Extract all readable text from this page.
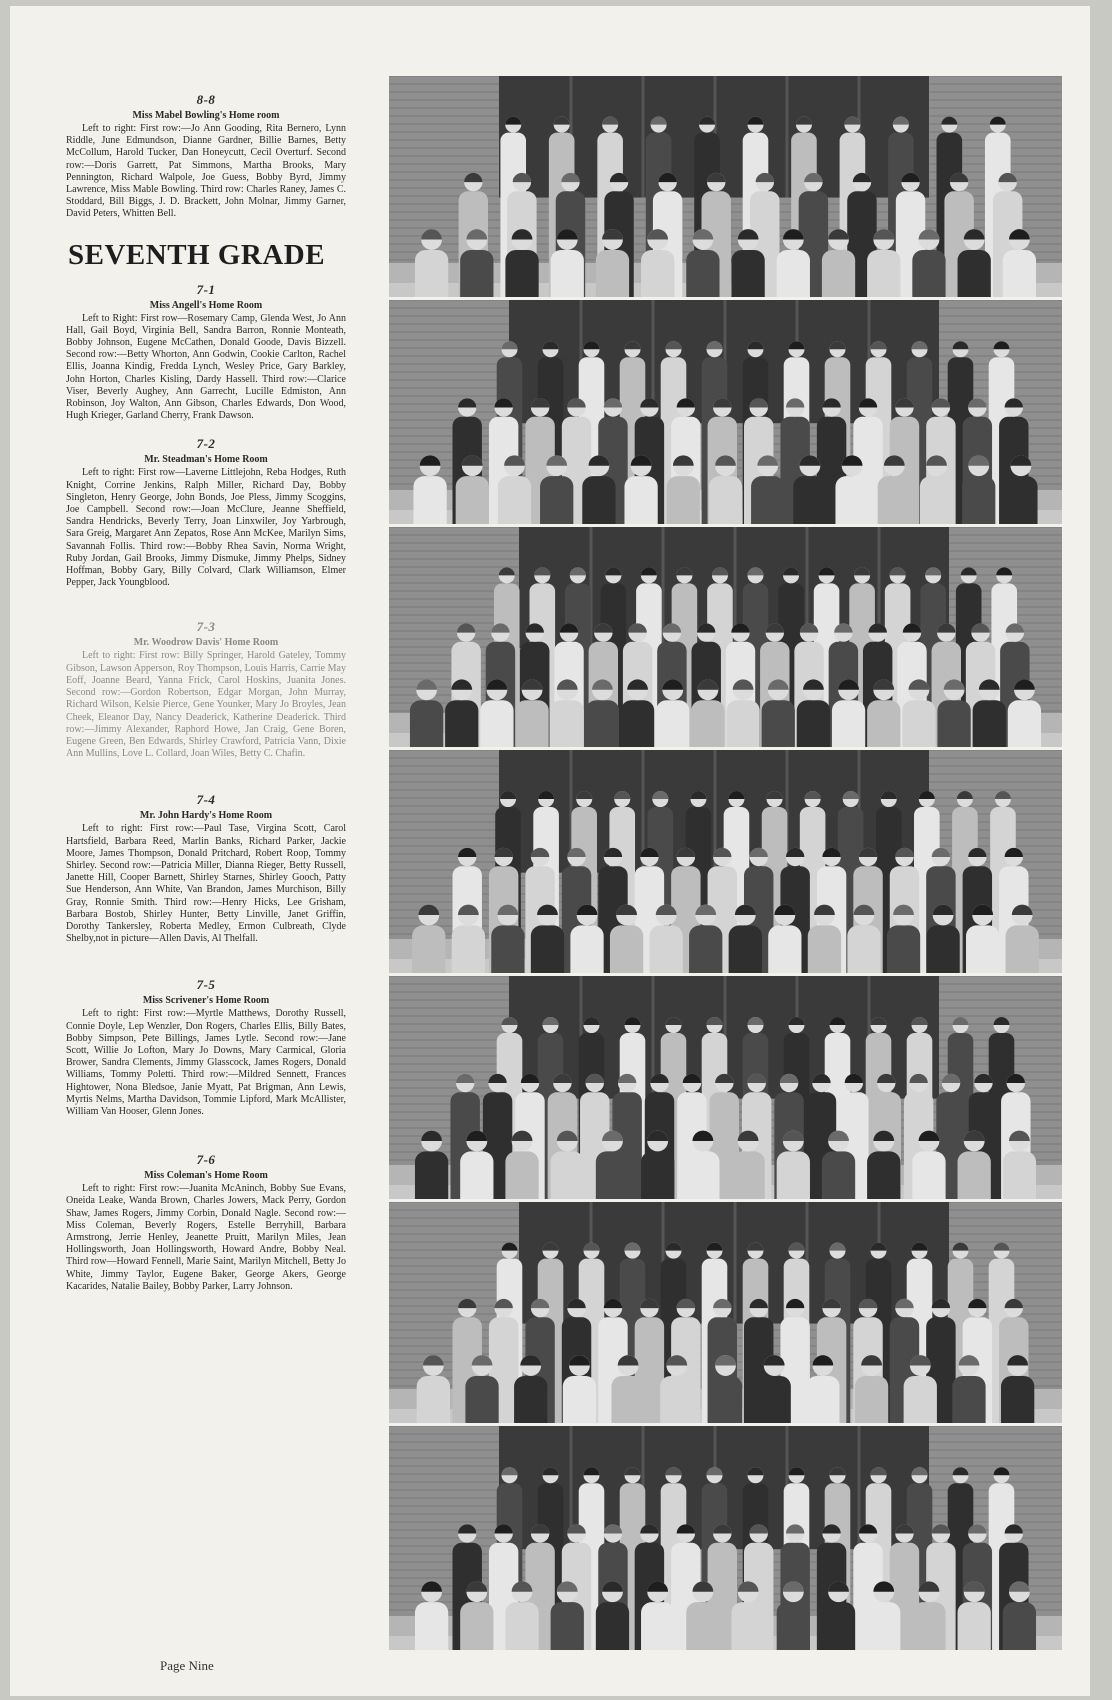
8-8
Miss Mabel Bowling's Home room

Left to right: First row:—Jo Ann Gooding, Rita Bernero, Lynn Riddle, June Edmundson, Dianne Gardner, Billie Barnes, Betty McCollum, Harold Tucker, Dan Honeycutt, Cecil Overturf. Second row:—Doris Garrett, Pat Simmons, Martha Brooks, Mary Pennington, Richard Walpole, Joe Guess, Bobby Byrd, Jimmy Lawrence, Miss Mable Bowling. Third row: Charles Raney, James C. Stoddard, Bill Biggs, J. D. Brackett, John Molnar, Jimmy Garner, David Peters, Whitten Bell.

SEVENTH GRADE
7-1
Miss Angell's Home Room

Left to Right: First row—Rosemary Camp, Glenda West, Jo Ann Hall, Gail Boyd, Virginia Bell, Sandra Barron, Ronnie Monteath, Bobby Johnson, Eugene McCathen, Donald Goode, Davis Bizzell. Second row:—Betty Whorton, Ann Godwin, Cookie Carlton, Rachel Ellis, Joanna Kindig, Fredda Lynch, Wesley Price, Gary Barkley, John Horton, Charles Kisling, Dardy Hassell. Third row:—Clarice Viser, Beverly Aughey, Ann Garrecht, Lucille Edmiston, Ann Robinson, Joy Walton, Ann Gibson, Charles Edwards, Don Wood, Hugh Krieger, Garland Cherry, Frank Dawson.

7-2
Mr. Steadman's Home Room

Left to right: First row—Laverne Littlejohn, Reba Hodges, Ruth Knight, Corrine Jenkins, Ralph Miller, Richard Day, Bobby Singleton, Henry George, John Bonds, Joe Pless, Jimmy Scoggins, Joe Campbell. Second row:—Joan McClure, Jeanne Sheffield, Sandra Hendricks, Beverly Terry, Joan Linxwiler, Joy Yarbrough, Sara Greig, Margaret Ann Zepatos, Rose Ann McKee, Marilyn Sims, Savannah Follis. Third row:—Bobby Rhea Savin, Norma Wright, Ruby Jordan, Gail Brooks, Jimmy Dismuke, Jimmy Phelps, Sidney Hoffman, Bobby Gary, Billy Colvard, Clark Williamson, Elmer Pepper, Jack Youngblood.

7-3
Mr. Woodrow Davis' Home Room

Left to right: First row: Billy Springer, Harold Gateley, Tommy Gibson, Lawson Apperson, Roy Thompson, Louis Harris, Carrie May Eoff, Joanne Beard, Yanna Frick, Carol Hoskins, Juanita Jones. Second row:—Gordon Robertson, Edgar Morgan, John Murray, Richard Wilson, Kelsie Pierce, Gene Younker, Mary Jo Broyles, Jean Cheek, Eleanor Day, Nancy Deaderick, Katherine Deaderick. Third row:—Jimmy Alexander, Raphord Howe, Jan Craig, Gene Boren, Eugene Green, Ben Edwards, Shirley Crawford, Patricia Vann, Dixie Ann Mullins, Love L. Collard, Joan Wiles, Betty C. Chafin.

7-4
Mr. John Hardy's Home Room

Left to right: First row:—Paul Tase, Virgina Scott, Carol Hartsfield, Barbara Reed, Marlin Banks, Richard Parker, Jackie Moore, James Thompson, Donald Pritchard, Robert Roop, Tommy Shirley. Second row:—Patricia Miller, Dianna Rieger, Betty Russell, Janette Hill, Cooper Barnett, Shirley Starnes, Shirley Gooch, Patty Sue Henderson, Ann White, Van Brandon, James Murchison, Billy Gray, Ronnie Smith. Third row:—Henry Hicks, Lee Grisham, Barbara Bostob, Shirley Hunter, Betty Linville, Janet Griffin, Dorothy Tankersley, Roberta Medley, Ermon Culbreath, Clyde Shelby,not in picture—Allen Davis, Al Thelfall.

7-5
Miss Scrivener's Home Room

Left to right: First row:—Myrtle Matthews, Dorothy Russell, Connie Doyle, Lep Wenzler, Don Rogers, Charles Ellis, Billy Bates, Bobby Simpson, Pete Billings, James Lytle. Second row:—Jane Scott, Willie Jo Lofton, Mary Jo Downs, Mary Carmical, Gloria Brower, Sandra Clements, Jimmy Glasscock, James Rogers, Donald Williams, Tommy Poletti. Third row:—Mildred Sennett, Frances Hightower, Nona Bledsoe, Janie Myatt, Pat Brigman, Ann Lewis, Myrtis Nelms, Martha Davidson, Tommie Lipford, Mark McAllister, William Van Hooser, Glenn Jones.

7-6
Miss Coleman's Home Room

Left to right: First row:—Juanita McAninch, Bobby Sue Evans, Oneida Leake, Wanda Brown, Charles Jowers, Mack Perry, Gordon Shaw, James Rogers, Jimmy Corbin, Donald Nagle. Second row:—Miss Coleman, Beverly Rogers, Estelle Berryhill, Barbara Armstrong, Jerrie Henley, Jeanette Pruitt, Marilyn Miles, Jean Hollingsworth, Joan Hollingsworth, Howard Andre, Bobby Neal. Third row—Howard Fennell, Marie Saint, Marilyn Mitchell, Betty Jo White, Jimmy Taylor, Eugene Baker, George Akers, George Kacarides, Natalie Bailey, Bobby Parker, Larry Johnson.

Page Nine
